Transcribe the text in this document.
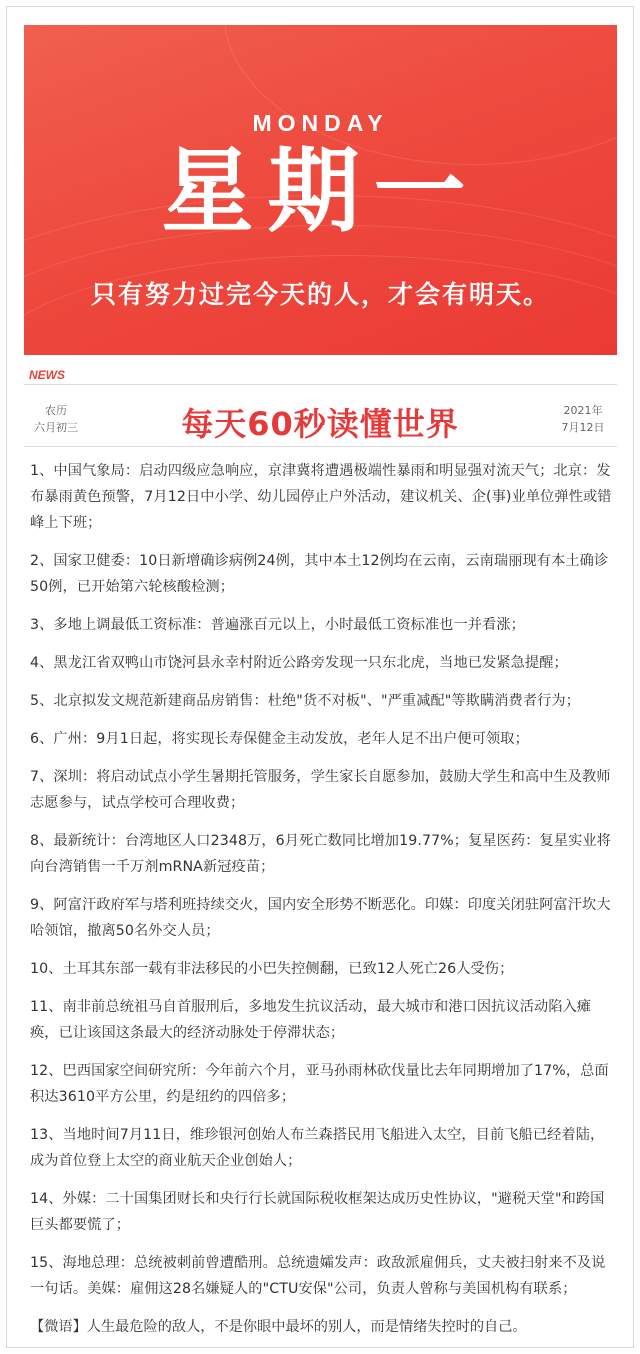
MONDAY
星期一
只有努力过完今天的人，才会有明天。
NEWS
农历
六月初三	每天60秒读懂世界	2021年
7月12日

1、中国气象局：启动四级应急响应，京津冀将遭遇极端性暴雨和明显强对流天气；北京：发布暴雨黄色预警，7月12日中小学、幼儿园停止户外活动，建议机关、企(事)业单位弹性或错峰上下班；

2、国家卫健委：10日新增确诊病例24例，其中本土12例均在云南，云南瑞丽现有本土确诊50例，已开始第六轮核酸检测；

3、多地上调最低工资标准：普遍涨百元以上，小时最低工资标准也一并看涨；

4、黑龙江省双鸭山市饶河县永幸村附近公路旁发现一只东北虎，当地已发紧急提醒；

5、北京拟发文规范新建商品房销售：杜绝"货不对板"、"严重减配"等欺瞒消费者行为；

6、广州：9月1日起，将实现长寿保健金主动发放，老年人足不出户便可领取；

7、深圳：将启动试点小学生暑期托管服务，学生家长自愿参加，鼓励大学生和高中生及教师志愿参与，试点学校可合理收费；

8、最新统计：台湾地区人口2348万，6月死亡数同比增加19.77%；复星医药：复星实业将向台湾销售一千万剂mRNA新冠疫苗；

9、阿富汗政府军与塔利班持续交火，国内安全形势不断恶化。印媒：印度关闭驻阿富汗坎大哈领馆，撤离50名外交人员；

10、土耳其东部一载有非法移民的小巴失控侧翻，已致12人死亡26人受伤；

11、南非前总统祖马自首服刑后，多地发生抗议活动，最大城市和港口因抗议活动陷入瘫痪，已让该国这条最大的经济动脉处于停滞状态；

12、巴西国家空间研究所：今年前六个月，亚马孙雨林砍伐量比去年同期增加了17%，总面积达3610平方公里，约是纽约的四倍多；

13、当地时间7月11日，维珍银河创始人布兰森搭民用飞船进入太空，目前飞船已经着陆，成为首位登上太空的商业航天企业创始人；

14、外媒：二十国集团财长和央行行长就国际税收框架达成历史性协议，"避税天堂"和跨国巨头都要慌了；

15、海地总理：总统被刺前曾遭酷刑。总统遗孀发声：政敌派雇佣兵，丈夫被扫射来不及说一句话。美媒：雇佣这28名嫌疑人的"CTU安保"公司，负责人曾称与美国机构有联系；

【微语】人生最危险的敌人，不是你眼中最坏的别人，而是情绪失控时的自己。
